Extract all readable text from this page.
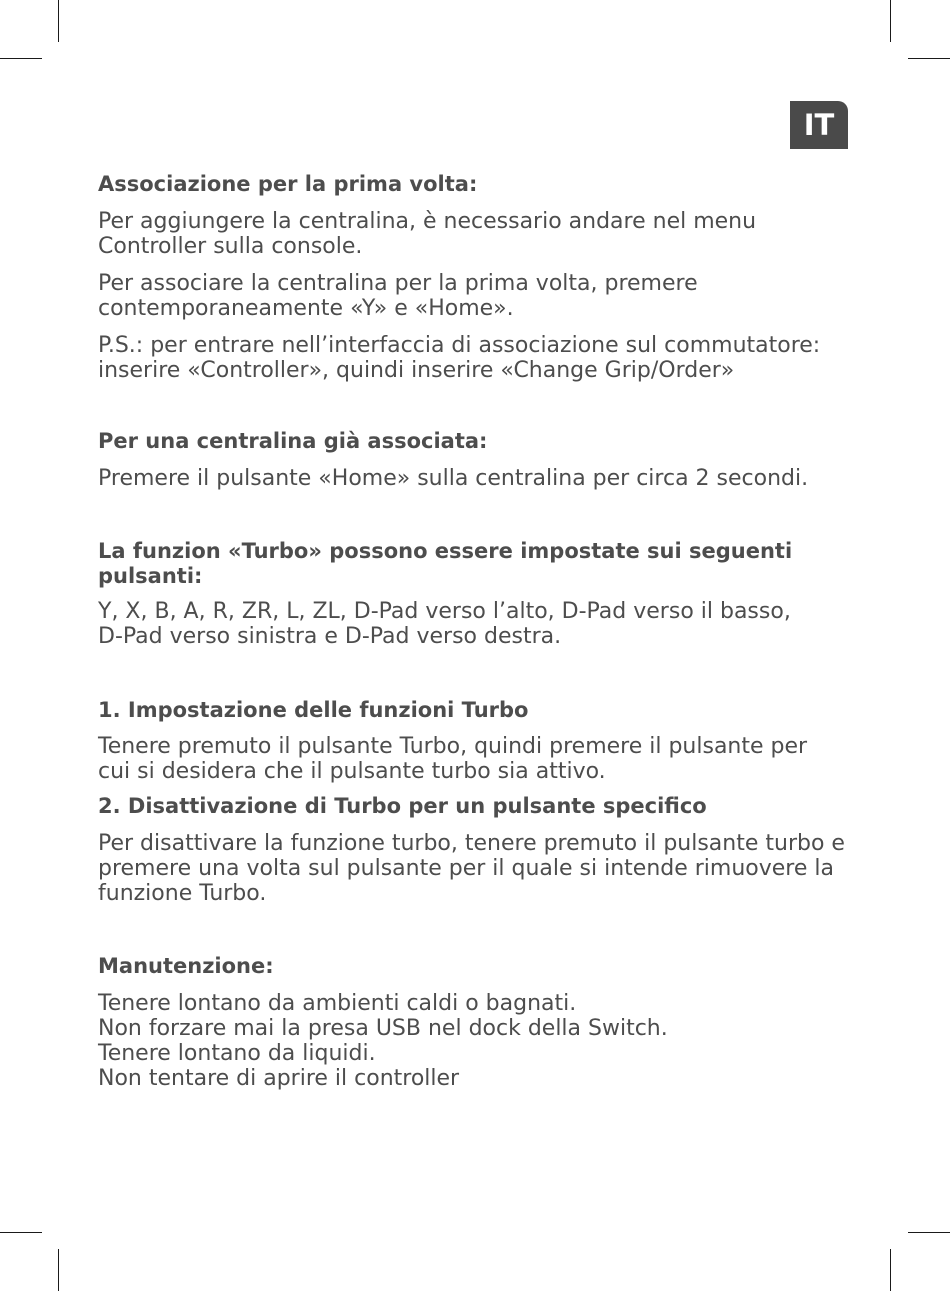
IT
Associazione per la prima volta:

Per aggiungere la centralina, è necessario andare nel menu
Controller sulla console.

Per associare la centralina per la prima volta, premere
contemporaneamente «Y» e «Home».

P.S.: per entrare nell’interfaccia di associazione sul commutatore:
inserire «Controller», quindi inserire «Change Grip/Order»

Per una centralina già associata:

Premere il pulsante «Home» sulla centralina per circa 2 secondi.

La funzion «Turbo» possono essere impostate sui seguenti
pulsanti:

Y, X, B, A, R, ZR, L, ZL, D-Pad verso l’alto, D-Pad verso il basso,
D-Pad verso sinistra e D-Pad verso destra.

1. Impostazione delle funzioni Turbo

Tenere premuto il pulsante Turbo, quindi premere il pulsante per
cui si desidera che il pulsante turbo sia attivo.

2. Disattivazione di Turbo per un pulsante specifico

Per disattivare la funzione turbo, tenere premuto il pulsante turbo e
premere una volta sul pulsante per il quale si intende rimuovere la
funzione Turbo.

Manutenzione:

Tenere lontano da ambienti caldi o bagnati.
Non forzare mai la presa USB nel dock della Switch.
Tenere lontano da liquidi.
Non tentare di aprire il controller
